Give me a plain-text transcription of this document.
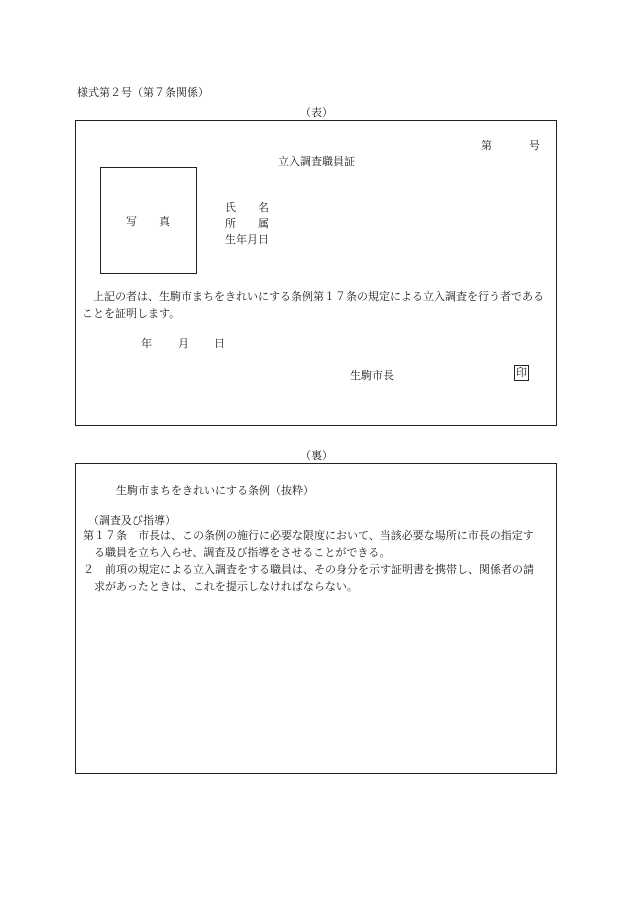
様式第２号（第７条関係）
（表）
第	号
立入調査職員証
写　　真
氏　　名
所　　属
生年月日
上記の者は、生駒市まちをきれいにする条例第１７条の規定による立入調査を行う者であることを証明します。
年 月 日
生駒市長	印
（裏）
生駒市まちをきれいにする条例（抜粋）
（調査及び指導）
第１７条　市長は、この条例の施行に必要な限度において、当該必要な場所に市長の指定する職員を立ち入らせ、調査及び指導をさせることができる。
２　前項の規定による立入調査をする職員は、その身分を示す証明書を携帯し、関係者の請求があったときは、これを提示しなければならない。
